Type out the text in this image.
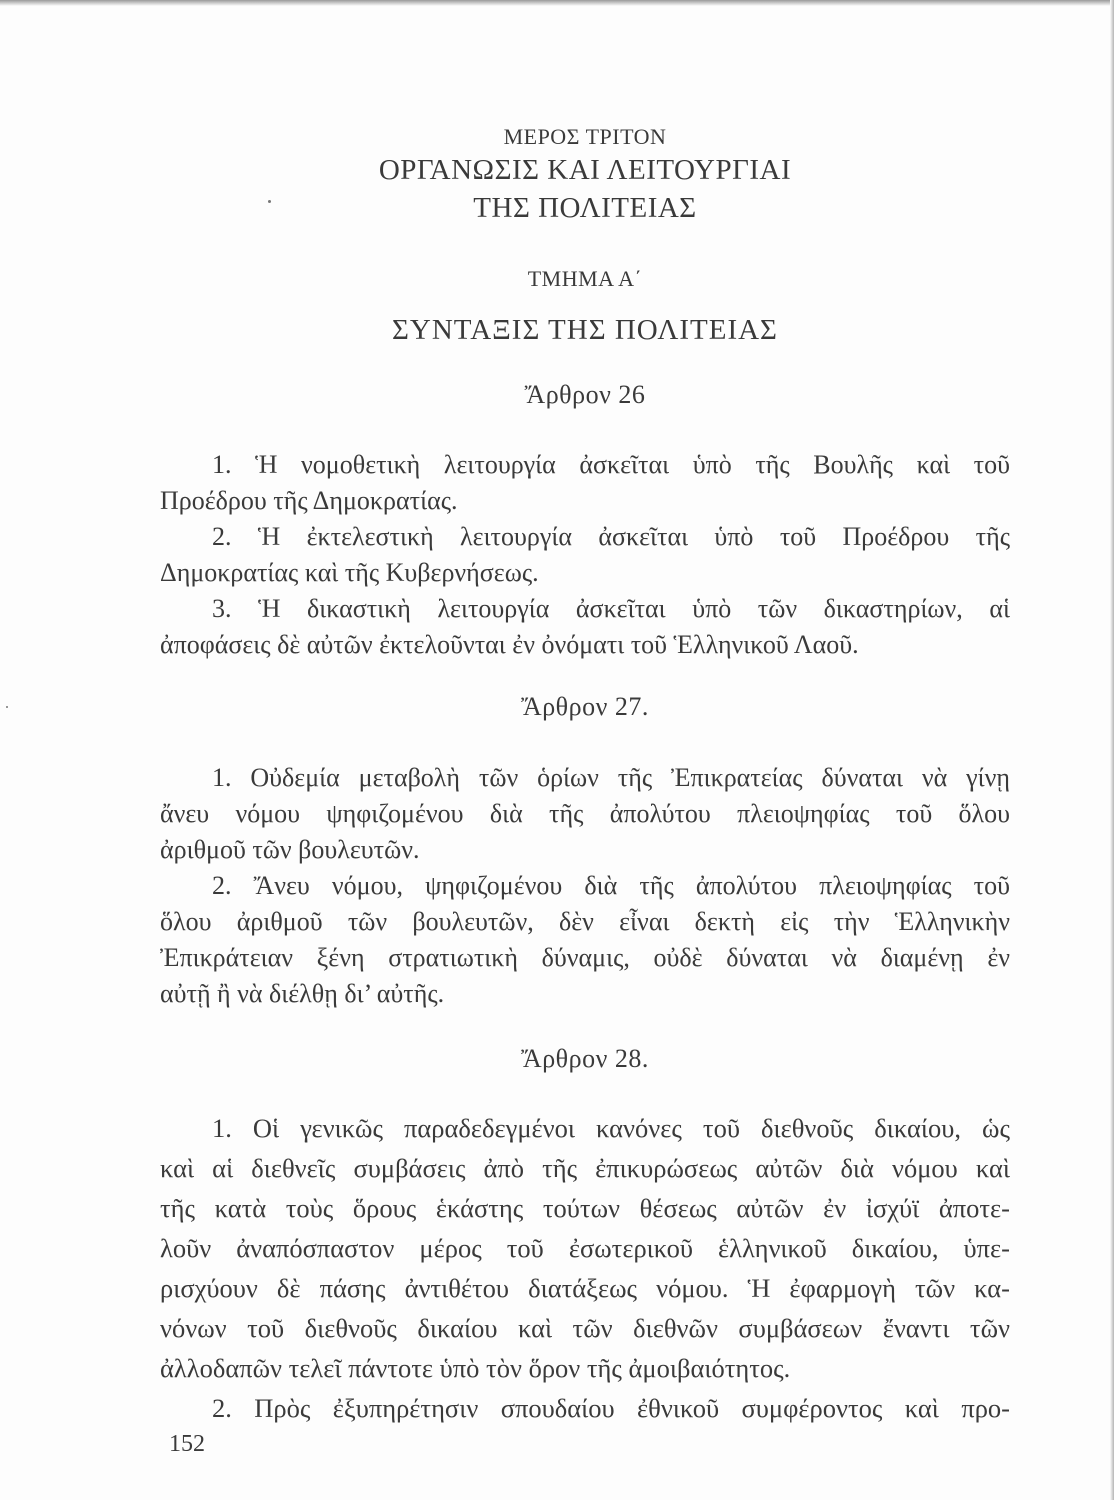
ΜΕΡΟΣ ΤΡΙΤΟΝ
ΟΡΓΑΝΩΣΙΣ ΚΑΙ ΛΕΙΤΟΥΡΓΙΑΙ
ΤΗΣ ΠΟΛΙΤΕΙΑΣ
ΤΜΗΜΑ Α΄
ΣΥΝΤΑΞΙΣ ΤΗΣ ΠΟΛΙΤΕΙΑΣ
Ἄρθρον 26
1. Ἡ νομοθετικὴ λειτουργία ἀσκεῖται ὑπὸ τῆς Βουλῆς καὶ τοῦ
Προέδρου τῆς Δημοκρατίας.
2. Ἡ ἐκτελεστικὴ λειτουργία ἀσκεῖται ὑπὸ τοῦ Προέδρου τῆς
Δημοκρατίας καὶ τῆς Κυβερνήσεως.
3. Ἡ δικαστικὴ λειτουργία ἀσκεῖται ὑπὸ τῶν δικαστηρίων, αἱ
ἀποφάσεις δὲ αὐτῶν ἐκτελοῦνται ἐν ὀνόματι τοῦ Ἑλληνικοῦ Λαοῦ.
Ἄρθρον 27.
1. Οὐδεμία μεταβολὴ τῶν ὁρίων τῆς Ἐπικρατείας δύναται νὰ γίνῃ
ἄνευ νόμου ψηφιζομένου διὰ τῆς ἀπολύτου πλειοψηφίας τοῦ ὅλου
ἀριθμοῦ τῶν βουλευτῶν.
2. Ἄνευ νόμου, ψηφιζομένου διὰ τῆς ἀπολύτου πλειοψηφίας τοῦ
ὅλου ἀριθμοῦ τῶν βουλευτῶν, δὲν εἶναι δεκτὴ εἰς τὴν Ἑλληνικὴν
Ἐπικράτειαν ξένη στρατιωτικὴ δύναμις, οὐδὲ δύναται νὰ διαμένῃ ἐν
αὐτῇ ἢ νὰ διέλθῃ δι’ αὐτῆς.
Ἄρθρον 28.
1. Οἱ γενικῶς παραδεδεγμένοι κανόνες τοῦ διεθνοῦς δικαίου, ὡς
καὶ αἱ διεθνεῖς συμβάσεις ἀπὸ τῆς ἐπικυρώσεως αὐτῶν διὰ νόμου καὶ
τῆς κατὰ τοὺς ὅρους ἑκάστης τούτων θέσεως αὐτῶν ἐν ἰσχύϊ ἀποτε-
λοῦν ἀναπόσπαστον μέρος τοῦ ἐσωτερικοῦ ἑλληνικοῦ δικαίου, ὑπε-
ρισχύουν δὲ πάσης ἀντιθέτου διατάξεως νόμου. Ἡ ἐφαρμογὴ τῶν κα-
νόνων τοῦ διεθνοῦς δικαίου καὶ τῶν διεθνῶν συμβάσεων ἔναντι τῶν
ἀλλοδαπῶν τελεῖ πάντοτε ὑπὸ τὸν ὅρον τῆς ἀμοιβαιότητος.
2. Πρὸς ἐξυπηρέτησιν σπουδαίου ἐθνικοῦ συμφέροντος καὶ προ-
152
